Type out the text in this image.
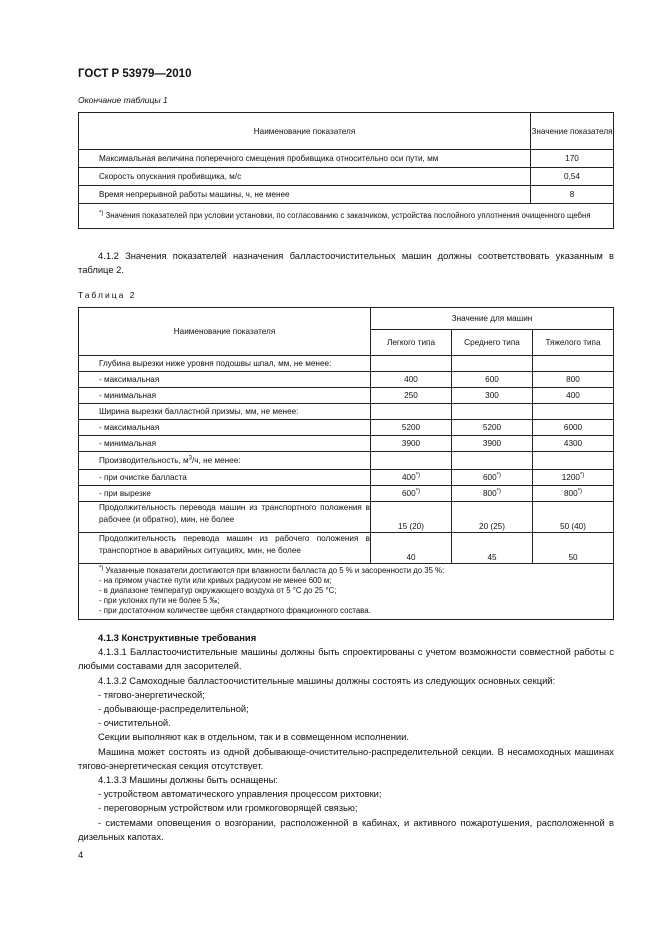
ГОСТ Р 53979—2010
Окончание таблицы 1
Наименование показателя	Значение показателя
Максимальная величина поперечного смещения пробивщика относительно оси пути, мм	170
Скорость опускания пробивщика, м/с	0,54
Время непрерывной работы машины, ч, не менее	8
*) Значения показателей при условии установки, по согласованию с заказчиком, устройства послойного уплотнения очищенного щебня	
4.1.2 Значения показателей назначения балластоочистительных машин должны соответствовать указанным в таблице 2.
Таблица 2
Наименование показателя	Значение для машин		
	Легкого типа	Среднего типа	Тяжелого типа
Глубина вырезки ниже уровня подошвы шпал, мм, не менее:			
- максимальная	400	600	800
- минимальная	250	300	400
Ширина вырезки балластной призмы, мм, не менее:			
- максимальная	5200	5200	6000
- минимальная	3900	3900	4300
Производительность, $м^3/ч$, не менее:			
- при очистке балласта	400*)	600*)	1200*)
- при вырезке	600*)	800*)	800*)
Продолжительность перевода машин из транспортного положения в рабочее (и обратно), мин, не более	15 (20)	20 (25)	50 (40)
Продолжительность перевода машин из рабочего положения в транспортное в аварийных ситуациях, мин, не более	40	45	50

*) Указанные показатели достигаются при влажности балласта до 5 % и засоренности до 35 %:
- на прямом участке пути или кривых радиусом не менее 600 м;
- в диапазоне температур окружающего воздуха от 5 °С до 25 °С;
- при уклонах пути не более 5 ‰;
- при достаточном количестве щебня стандартного фракционного состава.			
4.1.3 Конструктивные требования
4.1.3.1 Балластоочистительные машины должны быть спроектированы с учетом возможности совместной работы с любыми составами для засорителей.
4.1.3.2 Самоходные балластоочистительные машины должны состоять из следующих основных секций:
- тягово-энергетической;
- добывающе-распределительной;
- очистительной.
Секции выполняют как в отдельном, так и в совмещенном исполнении.
Машина может состоять из одной добывающе-очистительно-распределительной секции. В несамоходных машинах тягово-энергетическая секция отсутствует.
4.1.3.3 Машины должны быть оснащены:
- устройством автоматического управления процессом рихтовки;
- переговорным устройством или громкоговорящей связью;
- системами оповещения о возгорании, расположенной в кабинах, и активного пожаротушения, расположенной в дизельных капотах.
4
